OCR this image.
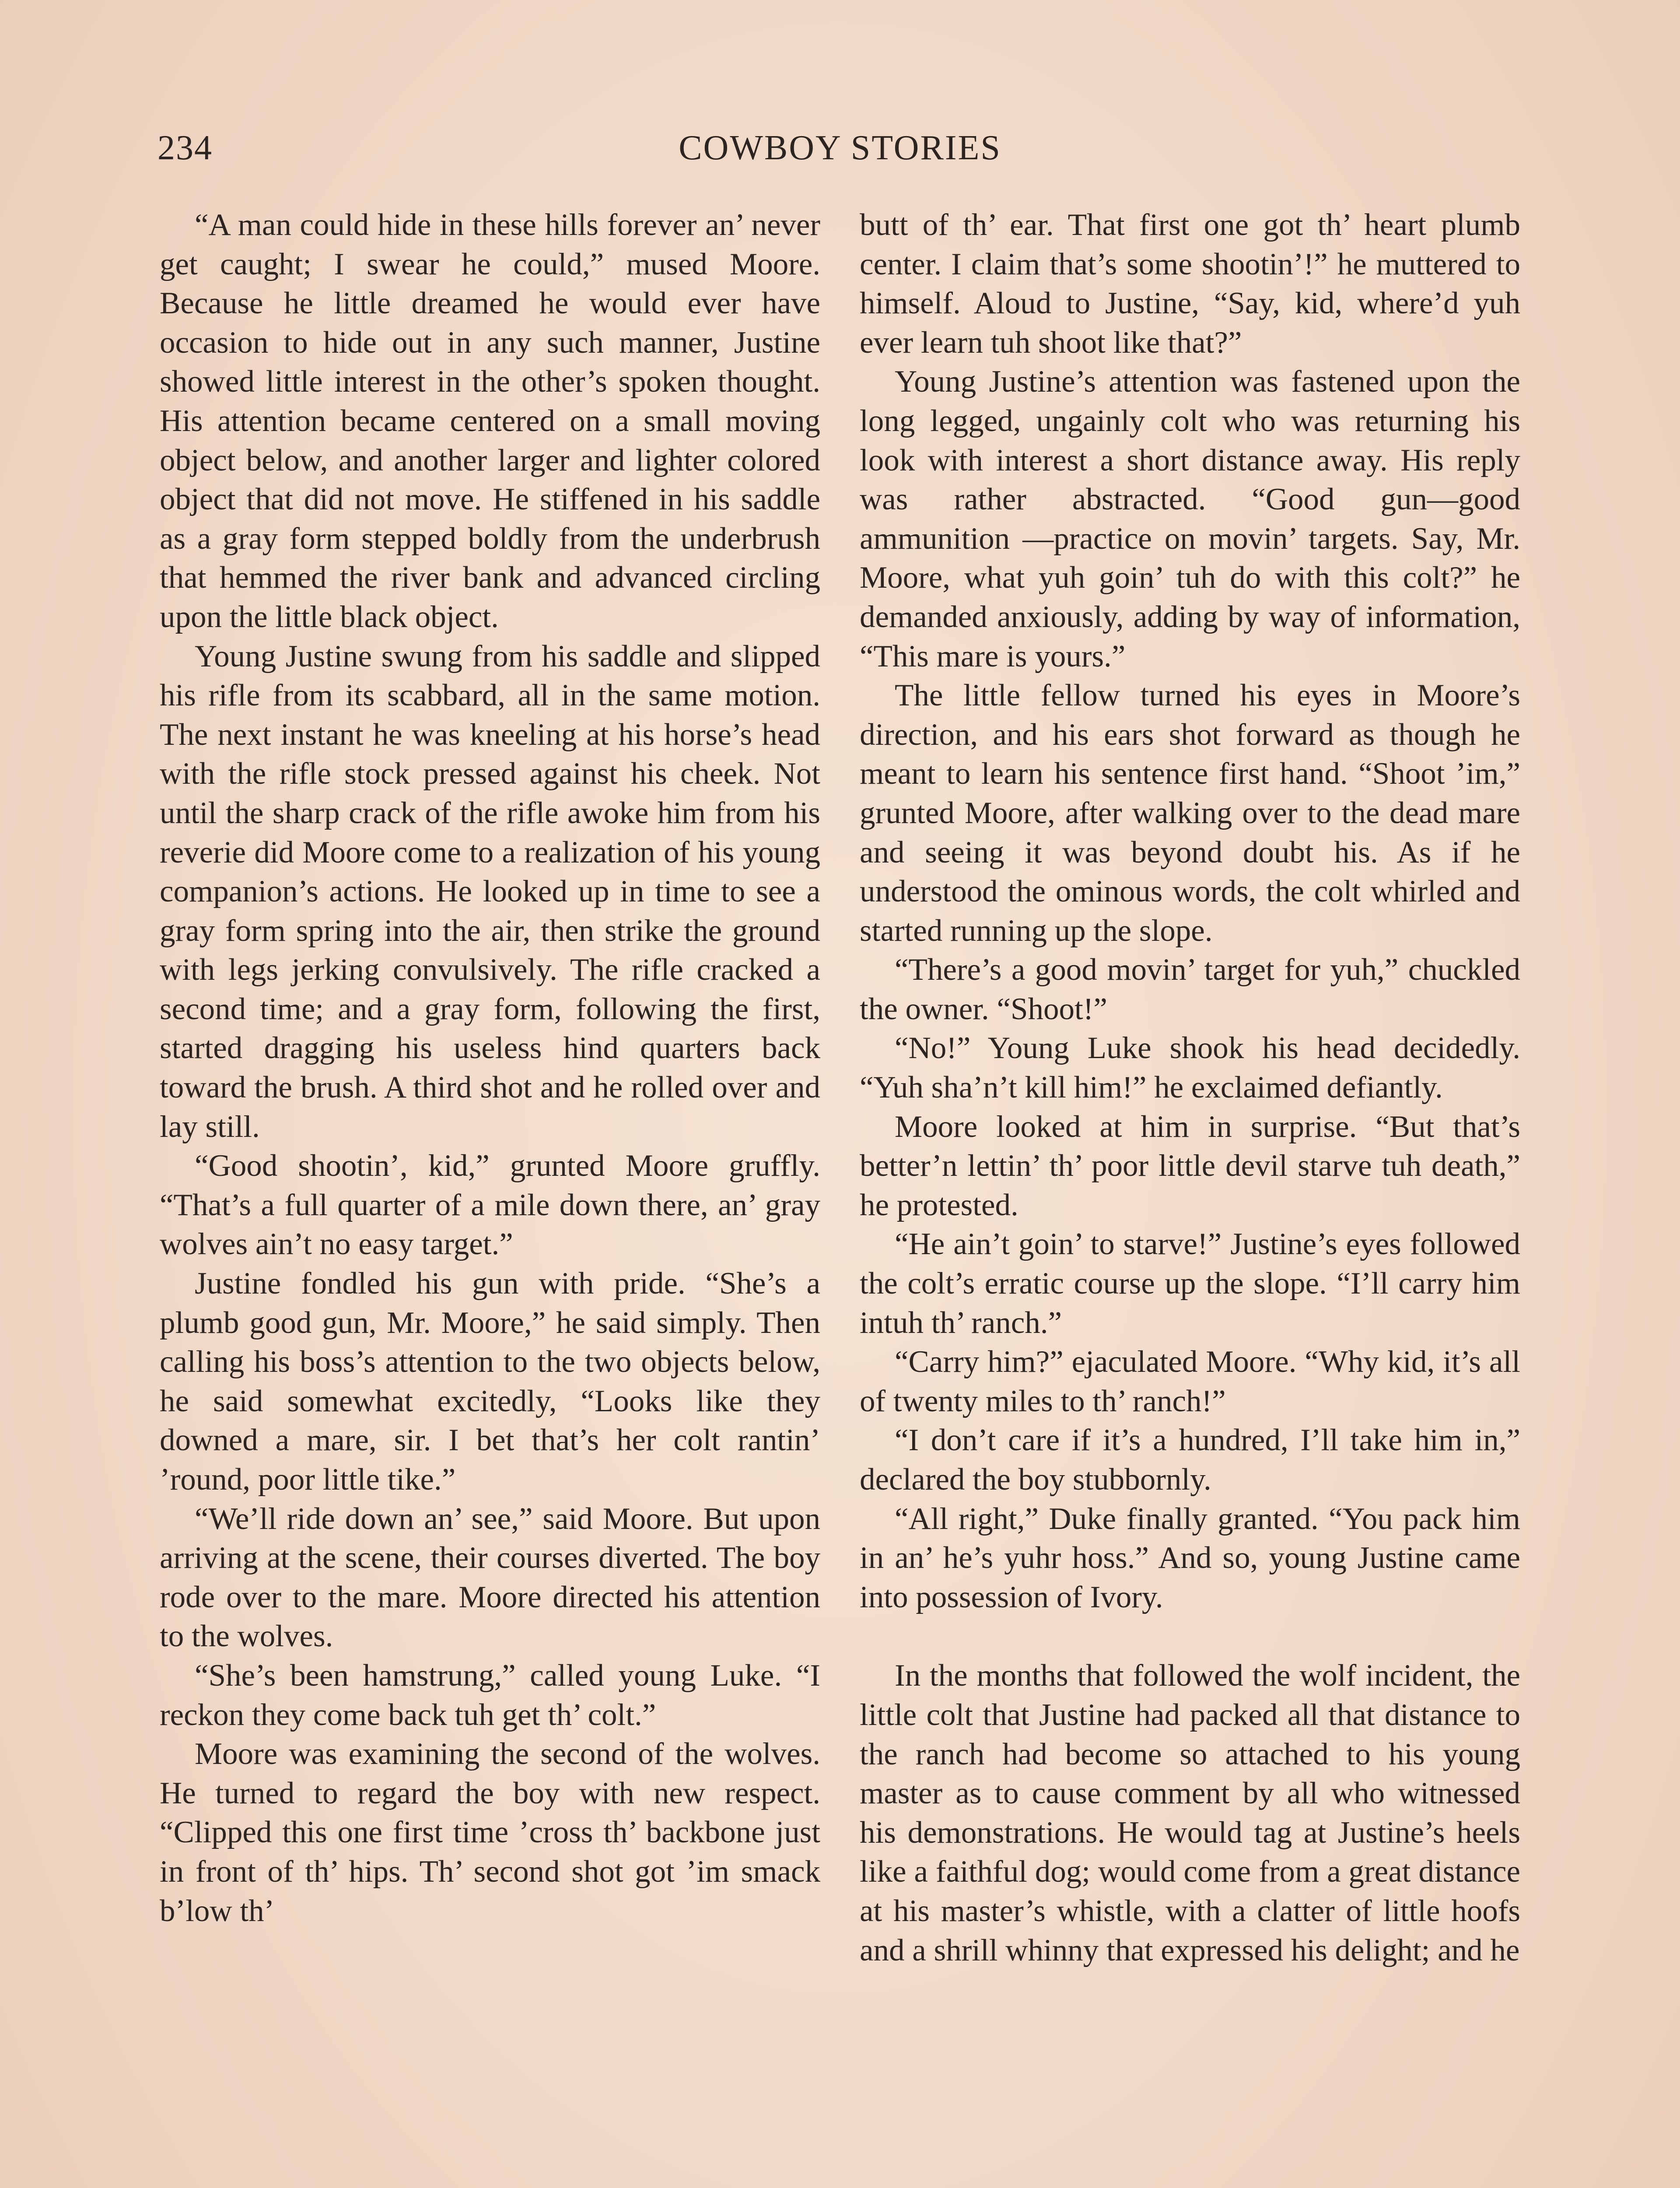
234	COWBOY STORIES

“A man could hide in these hills forever an’ never get caught; I swear he could,” mused Moore. Because he little dreamed he would ever have occasion to hide out in any such manner, Justine showed little interest in the other’s spoken thought. His attention became centered on a small moving object below, and another larger and lighter colored object that did not move. He stiffened in his saddle as a gray form stepped boldly from the underbrush that hemmed the river bank and advanced circling upon the little black object.

Young Justine swung from his saddle and slipped his rifle from its scabbard, all in the same motion. The next instant he was kneeling at his horse’s head with the rifle stock pressed against his cheek. Not until the sharp crack of the rifle awoke him from his reverie did Moore come to a realization of his young companion’s actions. He looked up in time to see a gray form spring into the air, then strike the ground with legs jerking convulsively. The rifle cracked a second time; and a gray form, following the first, started dragging his useless hind quarters back toward the brush. A third shot and he rolled over and lay still.

“Good shootin’, kid,” grunted Moore gruffly. “That’s a full quarter of a mile down there, an’ gray wolves ain’t no easy target.”

Justine fondled his gun with pride. “She’s a plumb good gun, Mr. Moore,” he said simply. Then calling his boss’s attention to the two objects below, he said somewhat excitedly, “Looks like they downed a mare, sir. I bet that’s her colt rantin’ ’round, poor little tike.”

“We’ll ride down an’ see,” said Moore. But upon arriving at the scene, their courses diverted. The boy rode over to the mare. Moore directed his attention to the wolves.

“She’s been hamstrung,” called young Luke. “I reckon they come back tuh get th’ colt.”

Moore was examining the second of the wolves. He turned to regard the boy with new respect. “Clipped this one first time ’cross th’ backbone just in front of th’ hips. Th’ second shot got ’im smack b’low th’

butt of th’ ear. That first one got th’ heart plumb center. I claim that’s some shootin’!” he muttered to himself. Aloud to Justine, “Say, kid, where’d yuh ever learn tuh shoot like that?”

Young Justine’s attention was fastened upon the long legged, ungainly colt who was returning his look with interest a short distance away. His reply was rather abstracted. “Good gun—good ammunition —practice on movin’ targets. Say, Mr. Moore, what yuh goin’ tuh do with this colt?” he demanded anxiously, adding by way of information, “This mare is yours.”

The little fellow turned his eyes in Moore’s direction, and his ears shot forward as though he meant to learn his sentence first hand. “Shoot ’im,” grunted Moore, after walking over to the dead mare and seeing it was beyond doubt his. As if he understood the ominous words, the colt whirled and started running up the slope.

“There’s a good movin’ target for yuh,” chuckled the owner. “Shoot!”

“No!” Young Luke shook his head decidedly. “Yuh sha’n’t kill him!” he exclaimed defiantly.

Moore looked at him in surprise. “But that’s better’n lettin’ th’ poor little devil starve tuh death,” he protested.

“He ain’t goin’ to starve!” Justine’s eyes followed the colt’s erratic course up the slope. “I’ll carry him intuh th’ ranch.”

“Carry him?” ejaculated Moore. “Why kid, it’s all of twenty miles to th’ ranch!”

“I don’t care if it’s a hundred, I’ll take him in,” declared the boy stubbornly.

“All right,” Duke finally granted. “You pack him in an’ he’s yuhr hoss.” And so, young Justine came into possession of Ivory.

In the months that followed the wolf incident, the little colt that Justine had packed all that distance to the ranch had become so attached to his young master as to cause comment by all who witnessed his demonstrations. He would tag at Justine’s heels like a faithful dog; would come from a great distance at his master’s whistle, with a clatter of little hoofs and a shrill whinny that expressed his delight; and he
